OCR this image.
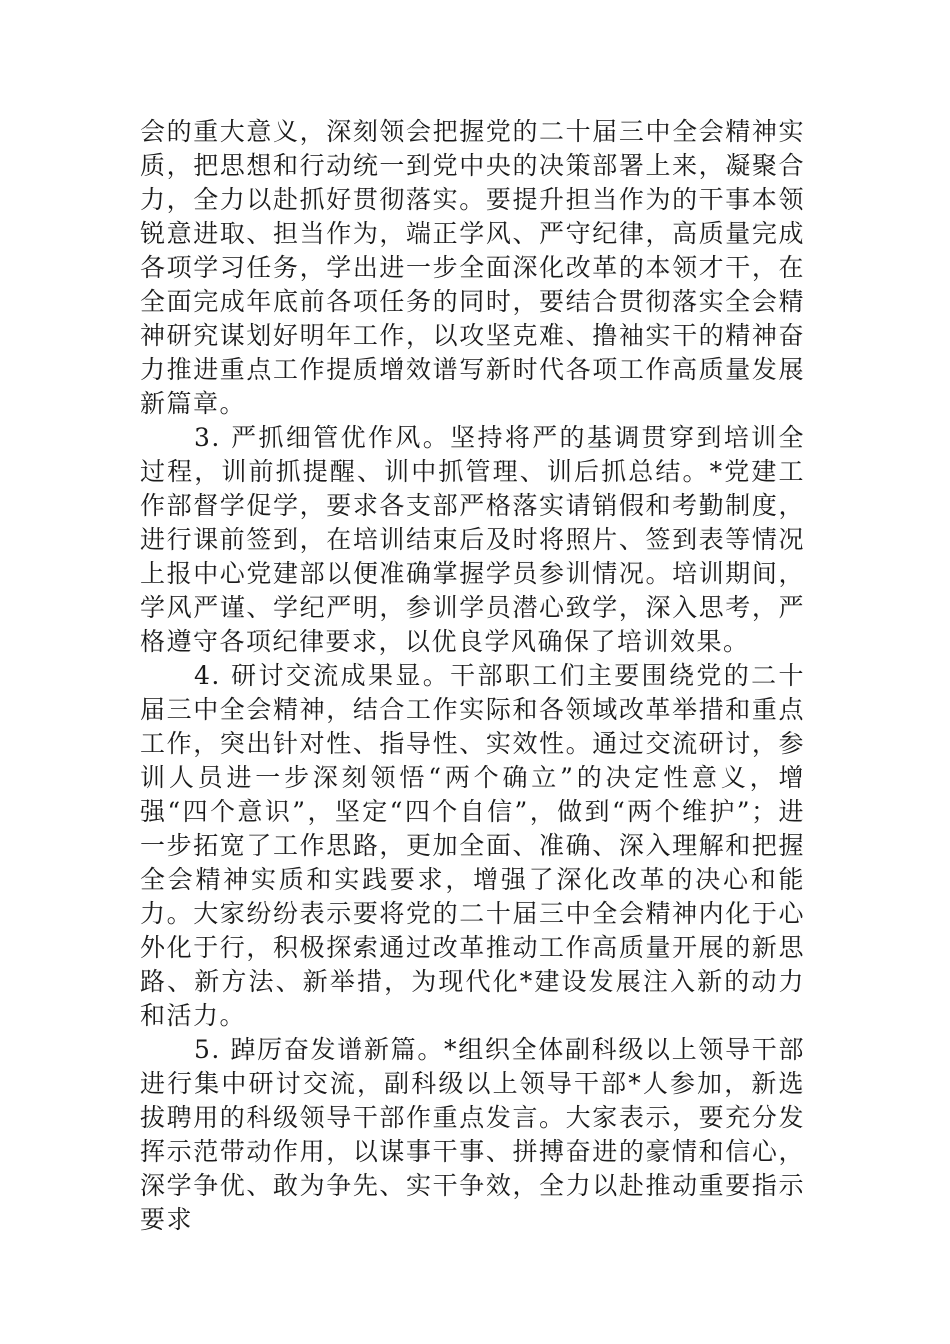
会的重大意义，深刻领会把握党的二十届三中全会精神实质，把思想和行动统一到党中央的决策部署上来，凝聚合力，全力以赴抓好贯彻落实。要提升担当作为的干事本领锐意进取、担当作为，端正学风、严守纪律，高质量完成各项学习任务，学出进一步全面深化改革的本领才干，在全面完成年底前各项任务的同时，要结合贯彻落实全会精神研究谋划好明年工作，以攻坚克难、撸袖实干的精神奋力推进重点工作提质增效谱写新时代各项工作高质量发展新篇章。

3. 严抓细管优作风。坚持将严的基调贯穿到培训全过程，训前抓提醒、训中抓管理、训后抓总结。*党建工作部督学促学，要求各支部严格落实请销假和考勤制度，进行课前签到，在培训结束后及时将照片、签到表等情况上报中心党建部以便准确掌握学员参训情况。培训期间，学风严谨、学纪严明，参训学员潜心致学，深入思考，严格遵守各项纪律要求，以优良学风确保了培训效果。

4. 研讨交流成果显。干部职工们主要围绕党的二十届三中全会精神，结合工作实际和各领域改革举措和重点工作，突出针对性、指导性、实效性。通过交流研讨，参训人员进一步深刻领悟“两个确立”的决定性意义，增强“四个意识”，坚定“四个自信”，做到“两个维护”；进一步拓宽了工作思路，更加全面、准确、深入理解和把握全会精神实质和实践要求，增强了深化改革的决心和能力。大家纷纷表示要将党的二十届三中全会精神内化于心外化于行，积极探索通过改革推动工作高质量开展的新思路、新方法、新举措，为现代化*建设发展注入新的动力和活力。

5. 踔厉奋发谱新篇。*组织全体副科级以上领导干部进行集中研讨交流，副科级以上领导干部*人参加，新选拔聘用的科级领导干部作重点发言。大家表示，要充分发挥示范带动作用，以谋事干事、拼搏奋进的豪情和信心，深学争优、敢为争先、实干争效，全力以赴推动重要指示要求
